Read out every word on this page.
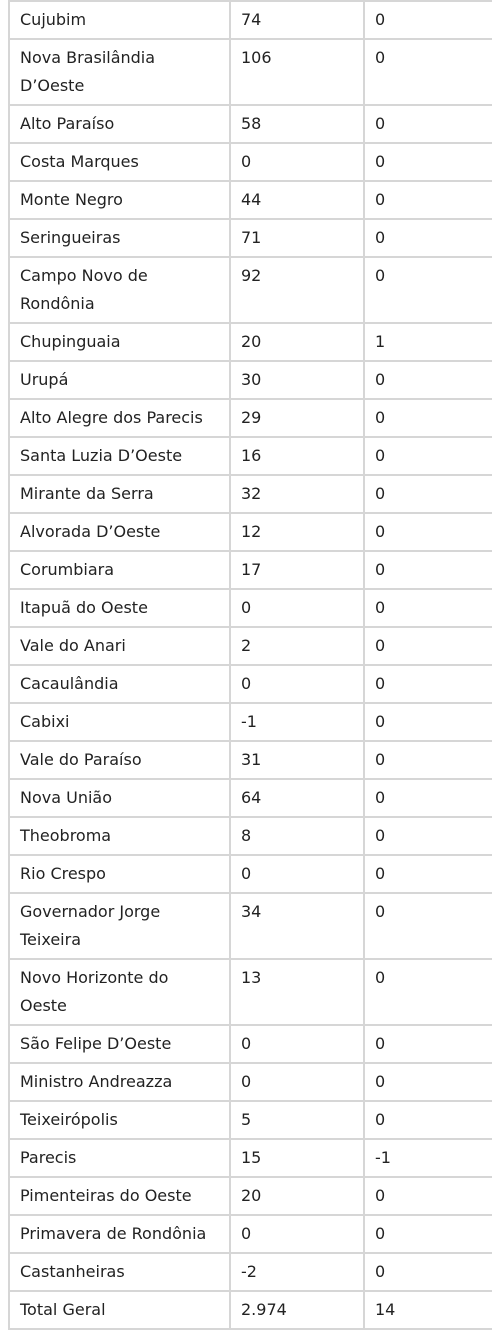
Cujubim	74	0
Nova Brasilândia D’Oeste	106	0
Alto Paraíso	58	0
Costa Marques	0	0
Monte Negro	44	0
Seringueiras	71	0
Campo Novo de Rondônia	92	0
Chupinguaia	20	1
Urupá	30	0
Alto Alegre dos Parecis	29	0
Santa Luzia D’Oeste	16	0
Mirante da Serra	32	0
Alvorada D’Oeste	12	0
Corumbiara	17	0
Itapuã do Oeste	0	0
Vale do Anari	2	0
Cacaulândia	0	0
Cabixi	-1	0
Vale do Paraíso	31	0
Nova União	64	0
Theobroma	8	0
Rio Crespo	0	0
Governador Jorge Teixeira	34	0
Novo Horizonte do Oeste	13	0
São Felipe D’Oeste	0	0
Ministro Andreazza	0	0
Teixeirópolis	5	0
Parecis	15	-1
Pimenteiras do Oeste	20	0
Primavera de Rondônia	0	0
Castanheiras	-2	0
Total Geral	2.974	14
